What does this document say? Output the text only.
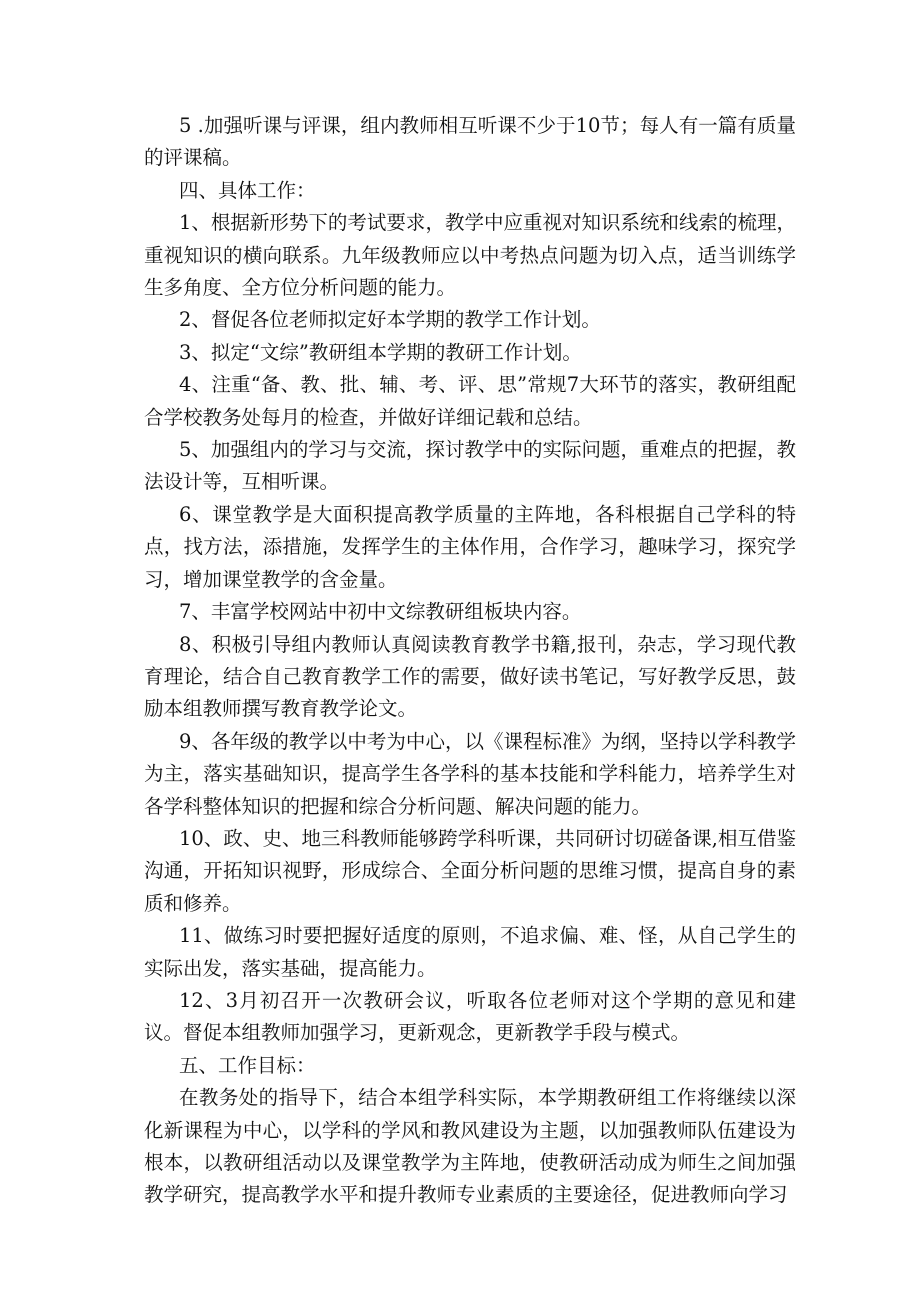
5 .加强听课与评课，组内教师相互听课不少于10节；每人有一篇有质量的评课稿。

四、具体工作：

1、根据新形势下的考试要求，教学中应重视对知识系统和线索的梳理，重视知识的横向联系。九年级教师应以中考热点问题为切入点，适当训练学生多角度、全方位分析问题的能力。

2、督促各位老师拟定好本学期的教学工作计划。

3、拟定“文综”教研组本学期的教研工作计划。

4、注重“备、教、批、辅、考、评、思”常规7大环节的落实，教研组配合学校教务处每月的检查，并做好详细记载和总结。

5、加强组内的学习与交流，探讨教学中的实际问题，重难点的把握，教法设计等，互相听课。

6、课堂教学是大面积提高教学质量的主阵地，各科根据自己学科的特点，找方法，添措施，发挥学生的主体作用，合作学习，趣味学习，探究学习，增加课堂教学的含金量。

7、丰富学校网站中初中文综教研组板块内容。

8、积极引导组内教师认真阅读教育教学书籍,报刊，杂志，学习现代教育理论，结合自己教育教学工作的需要，做好读书笔记，写好教学反思，鼓励本组教师撰写教育教学论文。

9、各年级的教学以中考为中心，以《课程标准》为纲，坚持以学科教学为主，落实基础知识，提高学生各学科的基本技能和学科能力，培养学生对各学科整体知识的把握和综合分析问题、解决问题的能力。

10、政、史、地三科教师能够跨学科听课，共同研讨切磋备课,相互借鉴沟通，开拓知识视野，形成综合、全面分析问题的思维习惯，提高自身的素质和修养。

11、做练习时要把握好适度的原则，不追求偏、难、怪，从自己学生的实际出发，落实基础，提高能力。

12、3月初召开一次教研会议，听取各位老师对这个学期的意见和建议。督促本组教师加强学习，更新观念，更新教学手段与模式。

五、工作目标：

在教务处的指导下，结合本组学科实际，本学期教研组工作将继续以深化新课程为中心，以学科的学风和教风建设为主题，以加强教师队伍建设为根本，以教研组活动以及课堂教学为主阵地，使教研活动成为师生之间加强教学研究，提高教学水平和提升教师专业素质的主要途径，促进教师向学习
